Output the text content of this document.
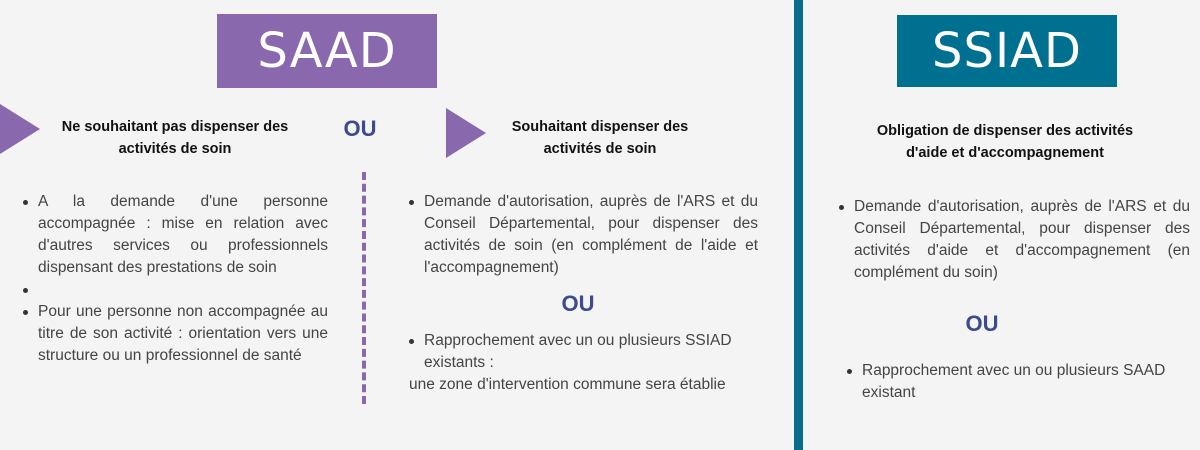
SAAD	SSIAD
Ne souhaitant pas dispenser des activités de soin
OU
A la demande d'une personne accompagnée : mise en relation avec d'autres services ou professionnels dispensant des prestations de soin
Pour une personne non accompagnée au titre de son activité : orientation vers une structure ou un professionnel de santé
Souhaitant dispenser des activités de soin
Demande d'autorisation, auprès de l'ARS et du Conseil Départemental, pour dispenser des activités de soin (en complément de l'aide et l'accompagnement)
OU
Rapprochement avec un ou plusieurs SSIAD existants :
une zone d'intervention commune sera établie
Obligation de dispenser des activités d'aide et d'accompagnement
Demande d'autorisation, auprès de l'ARS et du Conseil Départemental, pour dispenser des activités d'aide et d'accompagnement (en complément du soin)
OU
Rapprochement avec un ou plusieurs SAAD existant
